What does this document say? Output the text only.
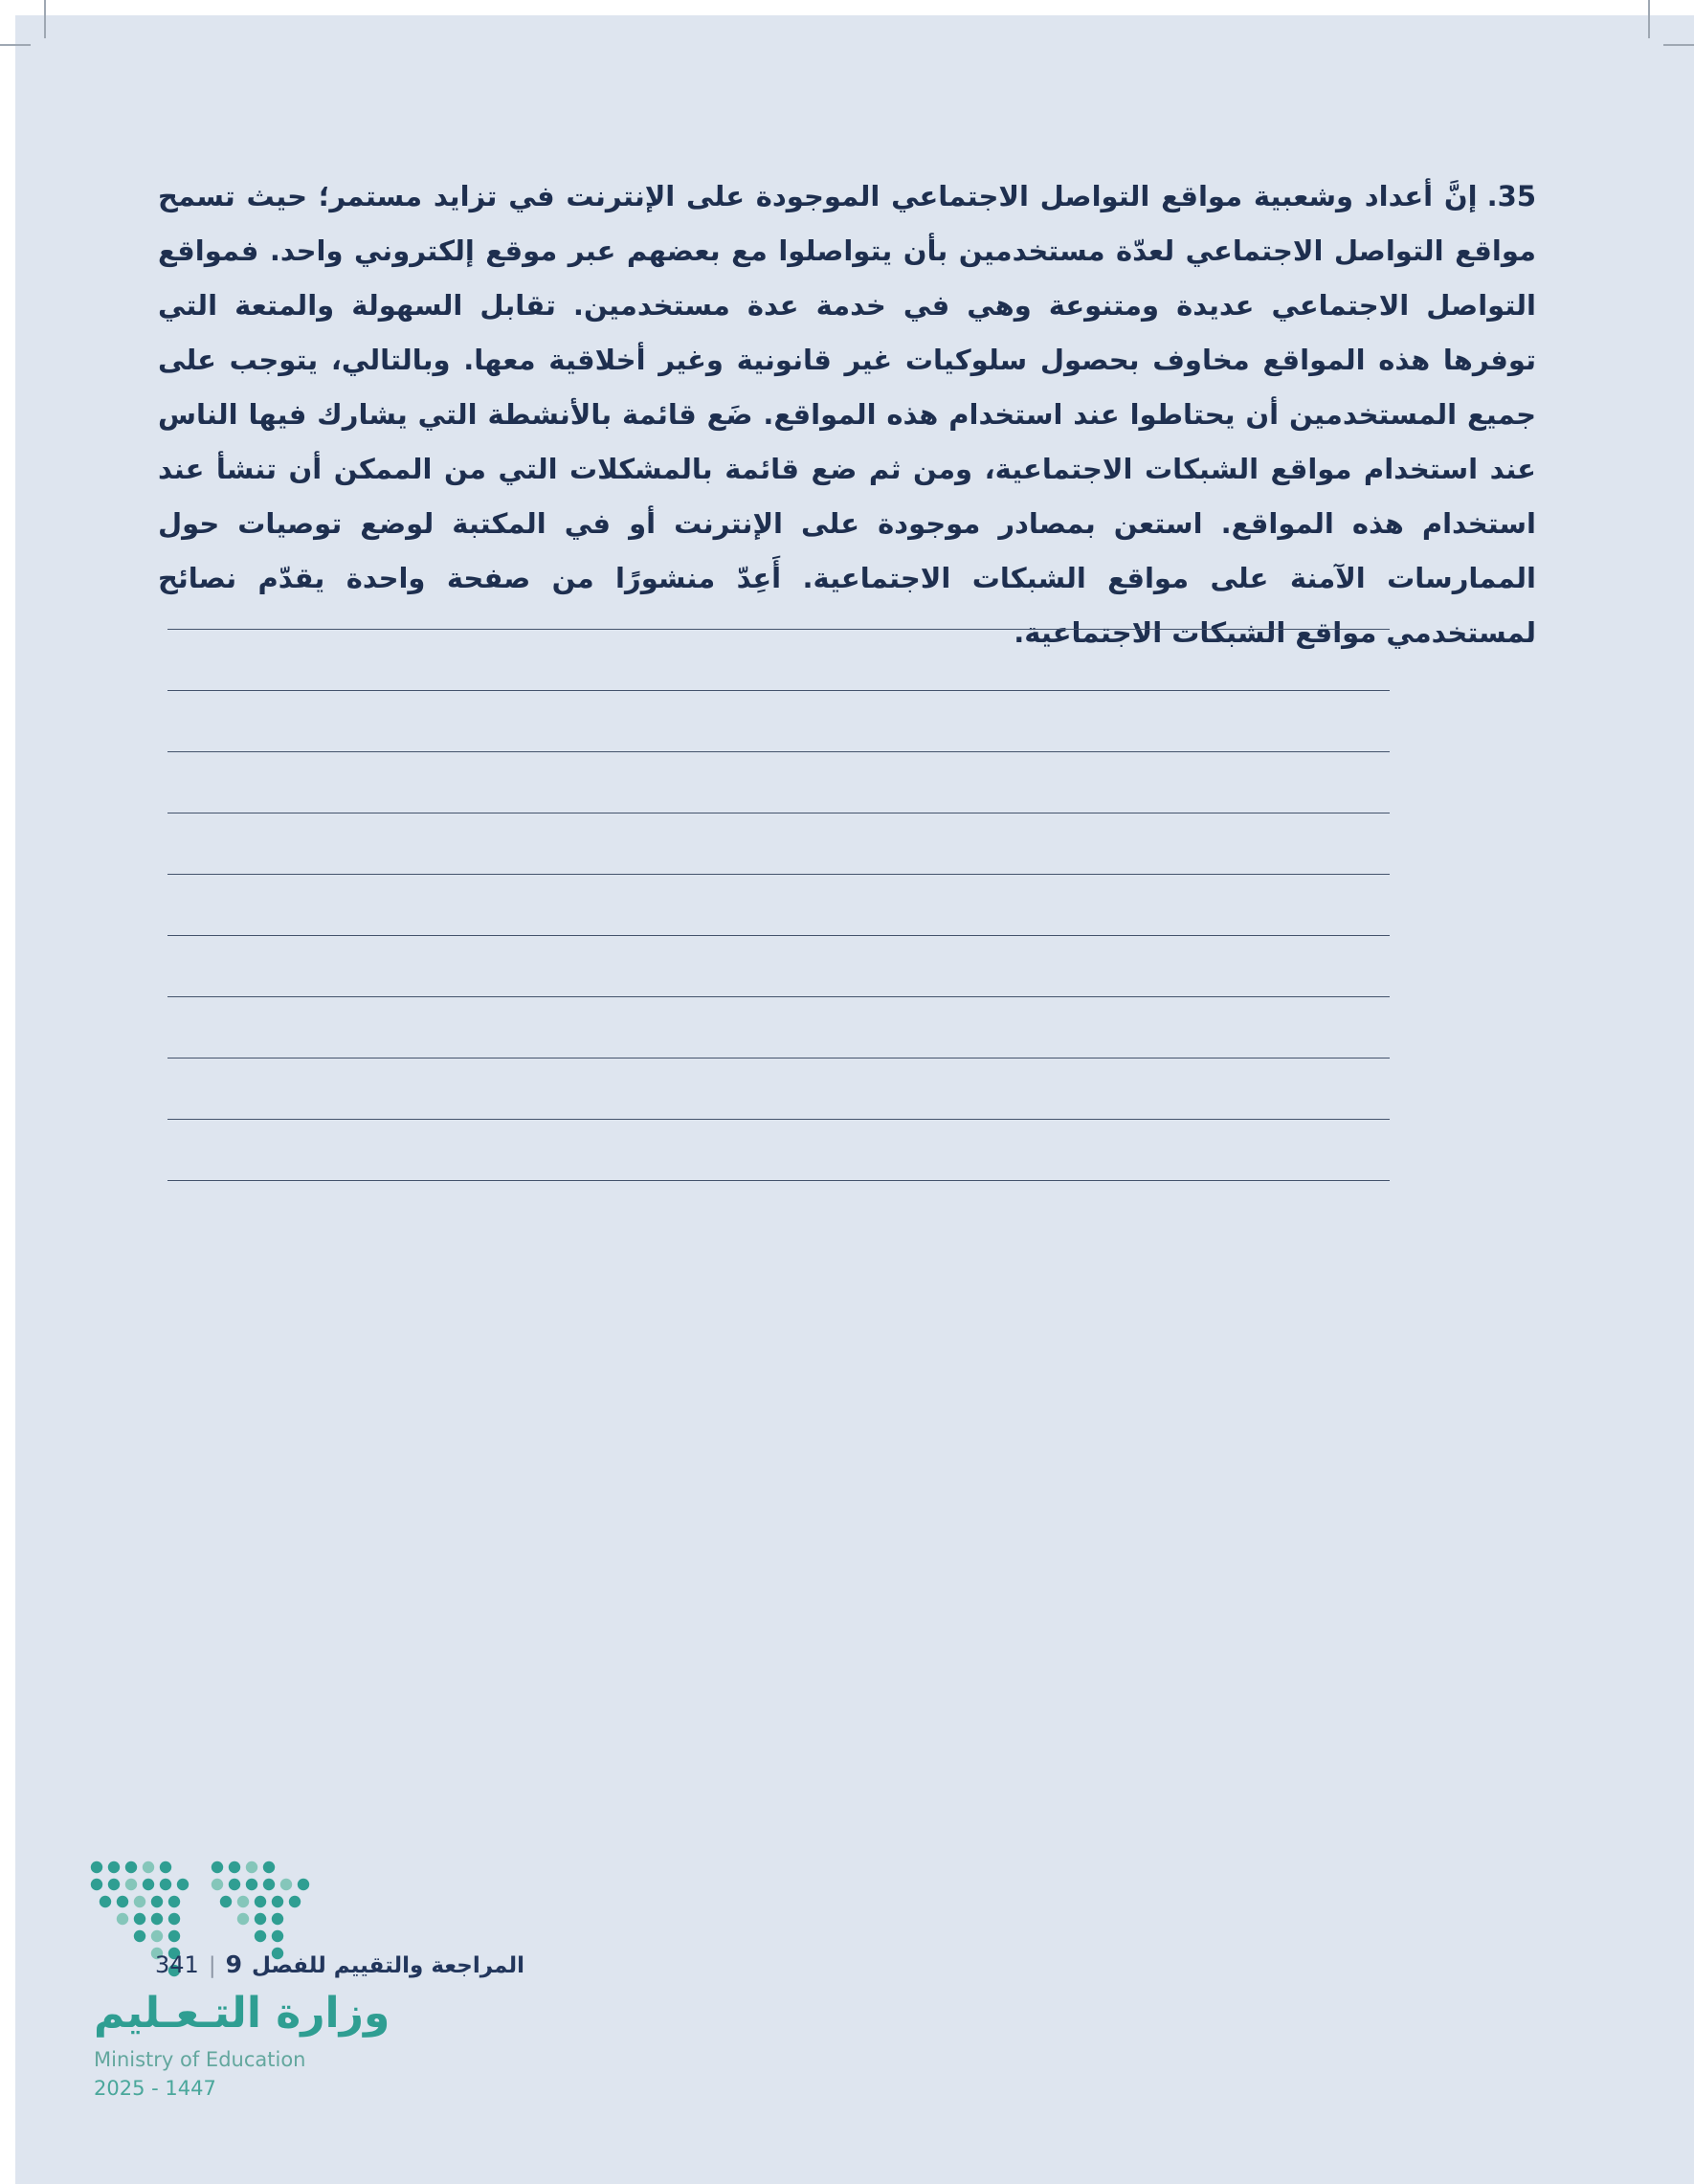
35.إنَّ أعداد وشعبية مواقع التواصل الاجتماعي الموجودة على الإنترنت في تزايد مستمر؛ حيث تسمح مواقع التواصل الاجتماعي لعدّة مستخدمين بأن يتواصلوا مع بعضهم عبر موقع إلكتروني واحد. فمواقع التواصل الاجتماعي عديدة ومتنوعة وهي في خدمة عدة مستخدمين. تقابل السهولة والمتعة التي توفرها هذه المواقع مخاوف بحصول سلوكيات غير قانونية وغير أخلاقية معها. وبالتالي، يتوجب على جميع المستخدمين أن يحتاطوا عند استخدام هذه المواقع. ضَع قائمة بالأنشطة التي يشارك فيها الناس عند استخدام مواقع الشبكات الاجتماعية، ومن ثم ضع قائمة بالمشكلات التي من الممكن أن تنشأ عند استخدام هذه المواقع. استعن بمصادر موجودة على الإنترنت أو في المكتبة لوضع توصيات حول الممارسات الآمنة على مواقع الشبكات الاجتماعية. أَعِدّ منشورًا من صفحة واحدة يقدّم نصائح لمستخدمي مواقع الشبكات الاجتماعية.

المراجعة والتقييم للفصل9|341
وزارة التـعـليم
Ministry of Education
2025 - 1447
